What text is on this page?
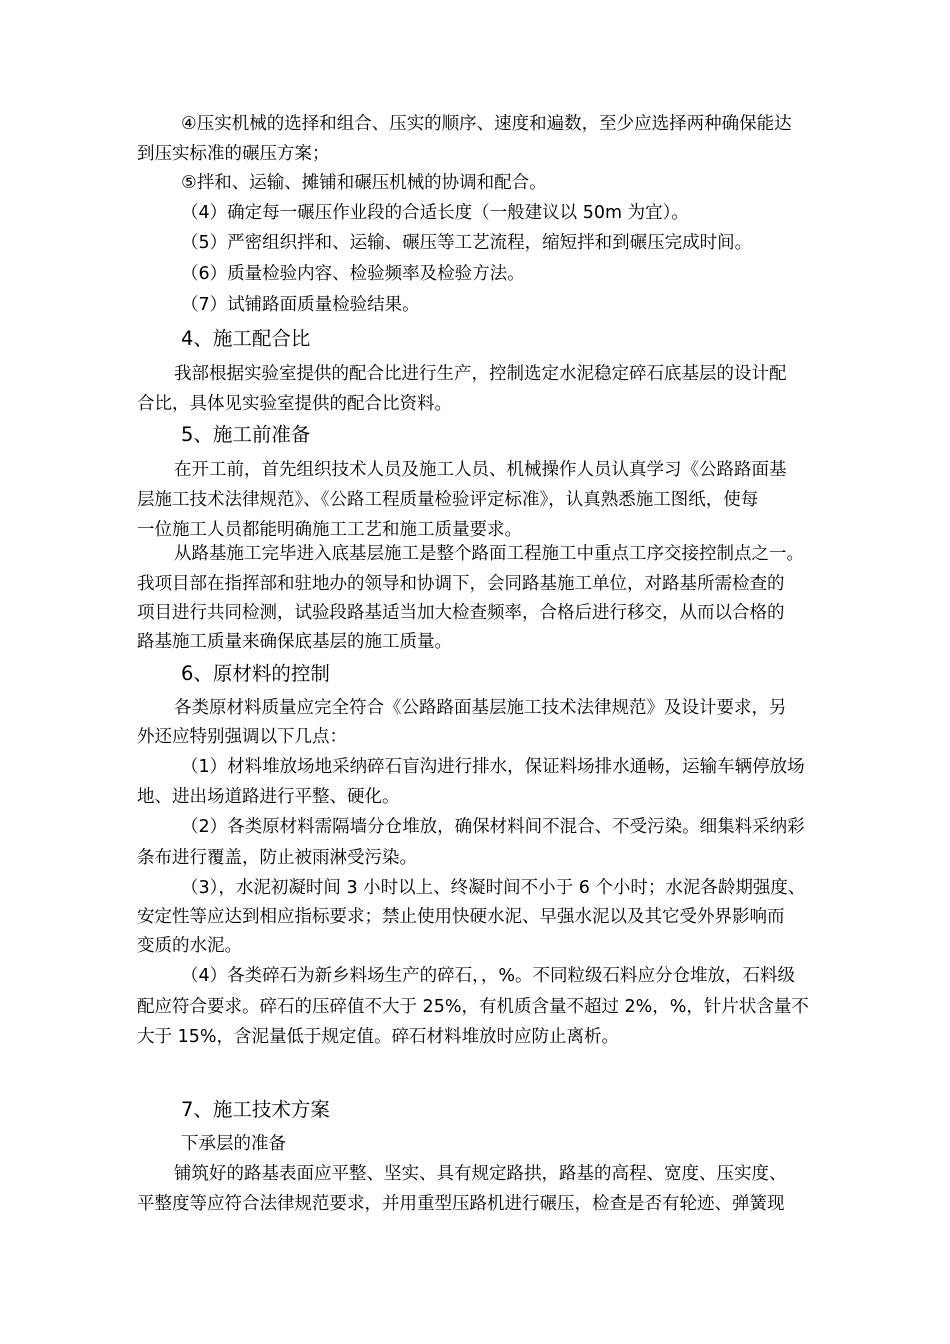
④压实机械的选择和组合、压实的顺序、速度和遍数，至少应选择两种确保能达
到压实标准的碾压方案；
⑤拌和、运输、摊铺和碾压机械的协调和配合。
（4）确定每一碾压作业段的合适长度（一般建议以 50m 为宜）。
（5）严密组织拌和、运输、碾压等工艺流程，缩短拌和到碾压完成时间。
（6）质量检验内容、检验频率及检验方法。
（7）试铺路面质量检验结果。
4、施工配合比
我部根据实验室提供的配合比进行生产，控制选定水泥稳定碎石底基层的设计配
合比，具体见实验室提供的配合比资料。
5、施工前准备
在开工前，首先组织技术人员及施工人员、机械操作人员认真学习《公路路面基
层施工技术法律规范》、《公路工程质量检验评定标准》，认真熟悉施工图纸，使每
一位施工人员都能明确施工工艺和施工质量要求。
从路基施工完毕进入底基层施工是整个路面工程施工中重点工序交接控制点之一。
我项目部在指挥部和驻地办的领导和协调下，会同路基施工单位，对路基所需检查的
项目进行共同检测，试验段路基适当加大检查频率，合格后进行移交，从而以合格的
路基施工质量来确保底基层的施工质量。
6、原材料的控制
各类原材料质量应完全符合《公路路面基层施工技术法律规范》及设计要求，另
外还应特别强调以下几点：
（1）材料堆放场地采纳碎石盲沟进行排水，保证料场排水通畅，运输车辆停放场
地、进出场道路进行平整、硬化。
（2）各类原材料需隔墙分仓堆放，确保材料间不混合、不受污染。细集料采纳彩
条布进行覆盖，防止被雨淋受污染。
（3），水泥初凝时间 3 小时以上、终凝时间不小于 6 个小时；水泥各龄期强度、
安定性等应达到相应指标要求；禁止使用快硬水泥、早强水泥以及其它受外界影响而
变质的水泥。
（4）各类碎石为新乡料场生产的碎石，，%。不同粒级石料应分仓堆放，石料级
配应符合要求。碎石的压碎值不大于 25%，有机质含量不超过 2%，%，针片状含量不
大于 15%，含泥量低于规定值。碎石材料堆放时应防止离析。
7、施工技术方案
下承层的准备
铺筑好的路基表面应平整、坚实、具有规定路拱，路基的高程、宽度、压实度、
平整度等应符合法律规范要求，并用重型压路机进行碾压，检查是否有轮迹、弹簧现
